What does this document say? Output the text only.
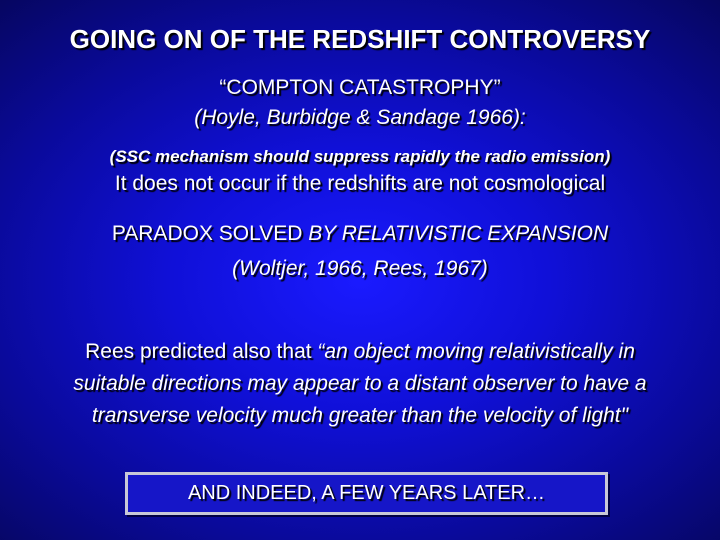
GOING ON OF THE REDSHIFT CONTROVERSY
“COMPTON CATASTROPHY”
(Hoyle, Burbidge & Sandage 1966):
(SSC mechanism should suppress rapidly the radio emission)
It does not occur if the redshifts are not cosmological
PARADOX SOLVED BY RELATIVISTIC EXPANSION
(Woltjer, 1966, Rees, 1967)
Rees predicted also that “an object moving relativistically in
suitable directions may appear to a distant observer to have a
transverse velocity much greater than the velocity of light"
AND INDEED, A FEW YEARS LATER…
